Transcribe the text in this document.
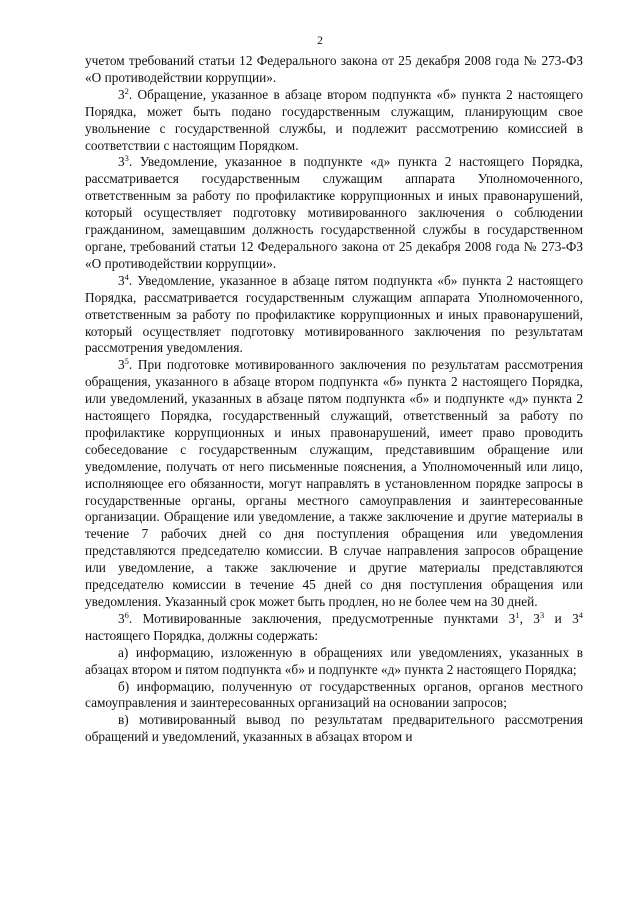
2

учетом требований статьи 12 Федерального закона от 25 декабря 2008 года № 273-ФЗ «О противодействии коррупции».

$3^2$. Обращение, указанное в абзаце втором подпункта «б» пункта 2 настоящего Порядка, может быть подано государственным служащим, планирующим свое увольнение с государственной службы, и подлежит рассмотрению комиссией в соответствии с настоящим Порядком.

$3^3$. Уведомление, указанное в подпункте «д» пункта 2 настоящего Порядка, рассматривается государственным служащим аппарата Уполномоченного, ответственным за работу по профилактике коррупционных и иных правонарушений, который осуществляет подготовку мотивированного заключения о соблюдении гражданином, замещавшим должность государственной службы в государственном органе, требований статьи 12 Федерального закона от 25 декабря 2008 года № 273-ФЗ «О противодействии коррупции».

$3^4$. Уведомление, указанное в абзаце пятом подпункта «б» пункта 2 настоящего Порядка, рассматривается государственным служащим аппарата Уполномоченного, ответственным за работу по профилактике коррупционных и иных правонарушений, который осуществляет подготовку мотивированного заключения по результатам рассмотрения уведомления.

$3^5$. При подготовке мотивированного заключения по результатам рассмотрения обращения, указанного в абзаце втором подпункта «б» пункта 2 настоящего Порядка, или уведомлений, указанных в абзаце пятом подпункта «б» и подпункте «д» пункта 2 настоящего Порядка, государственный служащий, ответственный за работу по профилактике коррупционных и иных правонарушений, имеет право проводить собеседование с государственным служащим, представившим обращение или уведомление, получать от него письменные пояснения, а Уполномоченный или лицо, исполняющее его обязанности, могут направлять в установленном порядке запросы в государственные органы, органы местного самоуправления и заинтересованные организации. Обращение или уведомление, а также заключение и другие материалы в течение 7 рабочих дней со дня поступления обращения или уведомления представляются председателю комиссии. В случае направления запросов обращение или уведомление, а также заключение и другие материалы представляются председателю комиссии в течение 45 дней со дня поступления обращения или уведомления. Указанный срок может быть продлен, но не более чем на 30 дней.

$3^6$. Мотивированные заключения, предусмотренные пунктами $3^1$, $3^3$ и $3^4$ настоящего Порядка, должны содержать:

а) информацию, изложенную в обращениях или уведомлениях, указанных в абзацах втором и пятом подпункта «б» и подпункте «д» пункта 2 настоящего Порядка;

б) информацию, полученную от государственных органов, органов местного самоуправления и заинтересованных организаций на основании запросов;

в) мотивированный вывод по результатам предварительного рассмотрения обращений и уведомлений, указанных в абзацах втором и
